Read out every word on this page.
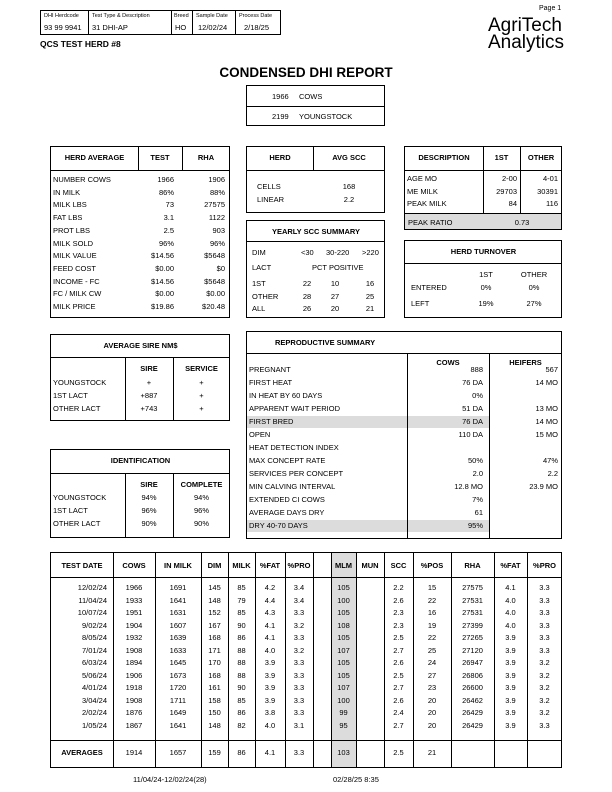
Page 1
DHI Herdcode
93 99 9941
Test Type & Description
31 DHI-AP
Breed
HO
Sample Date
12/02/24
Process Date
2/18/25
QCS TEST HERD #8
AgriTech
Analytics
CONDENSED DHI REPORT
1966 COWS
2199 YOUNGSTOCK
HERD AVERAGE	TEST	RHA
NUMBER COWS	1966	1906
IN MILK	86%	88%
MILK LBS	73	27575
FAT LBS	3.1	1122
PROT LBS	2.5	903
MILK SOLD	96%	96%
MILK VALUE	$14.56	$5648
FEED COST	$0.00	$0
INCOME - FC	$14.56	$5648
FC / MILK CW	$0.00	$0.00
MILK PRICE	$19.86	$20.48
HERD	AVG SCC
CELLS	168
LINEAR	2.2
YEARLY SCC SUMMARY
DIM	<30 30-220 >220
LACT	PCT POSITIVE
1ST	22	10	16
OTHER	28	27	25
ALL	26	20	21
DESCRIPTION	1ST	OTHER
PEAK RATIO	0.73
AGE MO	2-00	4-01
ME MILK	29703	30391
PEAK MILK	84	116
HERD TURNOVER
1ST	OTHER
ENTERED	0%	0%
LEFT	19%	27%
AVERAGE SIRE NM$
SIRE	SERVICE
YOUNGSTOCK	+	+
1ST LACT	+887	+
OTHER LACT	+743	+
IDENTIFICATION
SIRE	COMPLETE
YOUNGSTOCK	94%	94%
1ST LACT	96%	96%
OTHER LACT	90%	90%
REPRODUCTIVE SUMMARY
COWS	HEIFERS
PREGNANT	888	567
FIRST HEAT	76 DA	14 MO
IN HEAT BY 60 DAYS	0%
APPARENT WAIT PERIOD	51 DA	13 MO
FIRST BRED	76 DA	14 MO
OPEN	110 DA	15 MO
HEAT DETECTION INDEX
MAX CONCEPT RATE	50%	47%
SERVICES PER CONCEPT	2.0	2.2
MIN CALVING INTERVAL	12.8 MO	23.9 MO
EXTENDED CI COWS	7%
AVERAGE DAYS DRY	61
DRY 40-70 DAYS	95%
TEST DATE	COWS	IN MILK	DIM	MILK	%FAT %PRO	MLM	MUN	SCC	%POS	RHA	%FAT	%PRO
12/02/24	1966	1691	145	85	4.2	3.4	105	2.2	15	27575	4.1	3.3
11/04/24	1933	1641	148	79	4.4	3.4	100	2.6	22	27531	4.0	3.3
10/07/24	1951	1631	152	85	4.3	3.3	105	2.3	16	27531	4.0	3.3
9/02/24	1904	1607	167	90	4.1	3.2	108	2.3	19	27399	4.0	3.3
8/05/24	1932	1639	168	86	4.1	3.3	105	2.5	22	27265	3.9	3.3
7/01/24	1908	1633	171	88	4.0	3.2	107	2.7	25	27120	3.9	3.3
6/03/24	1894	1645	170	88	3.9	3.3	105	2.6	24	26947	3.9	3.2
5/06/24	1906	1673	168	88	3.9	3.3	105	2.5	27	26806	3.9	3.2
4/01/24	1918	1720	161	90	3.9	3.3	107	2.7	23	26600	3.9	3.2
3/04/24	1908	1711	158	85	3.9	3.3	100	2.6	20	26462	3.9	3.2
2/02/24	1876	1649	150	86	3.8	3.3	99	2.4	20	26429	3.9	3.2
1/05/24	1867	1641	148	82	4.0	3.1	95	2.7	20	26429	3.9	3.3
AVERAGES	1914	1657	159	86	4.1	3.3	103	2.5	21
11/04/24-12/02/24(28)	02/28/25 8:35
